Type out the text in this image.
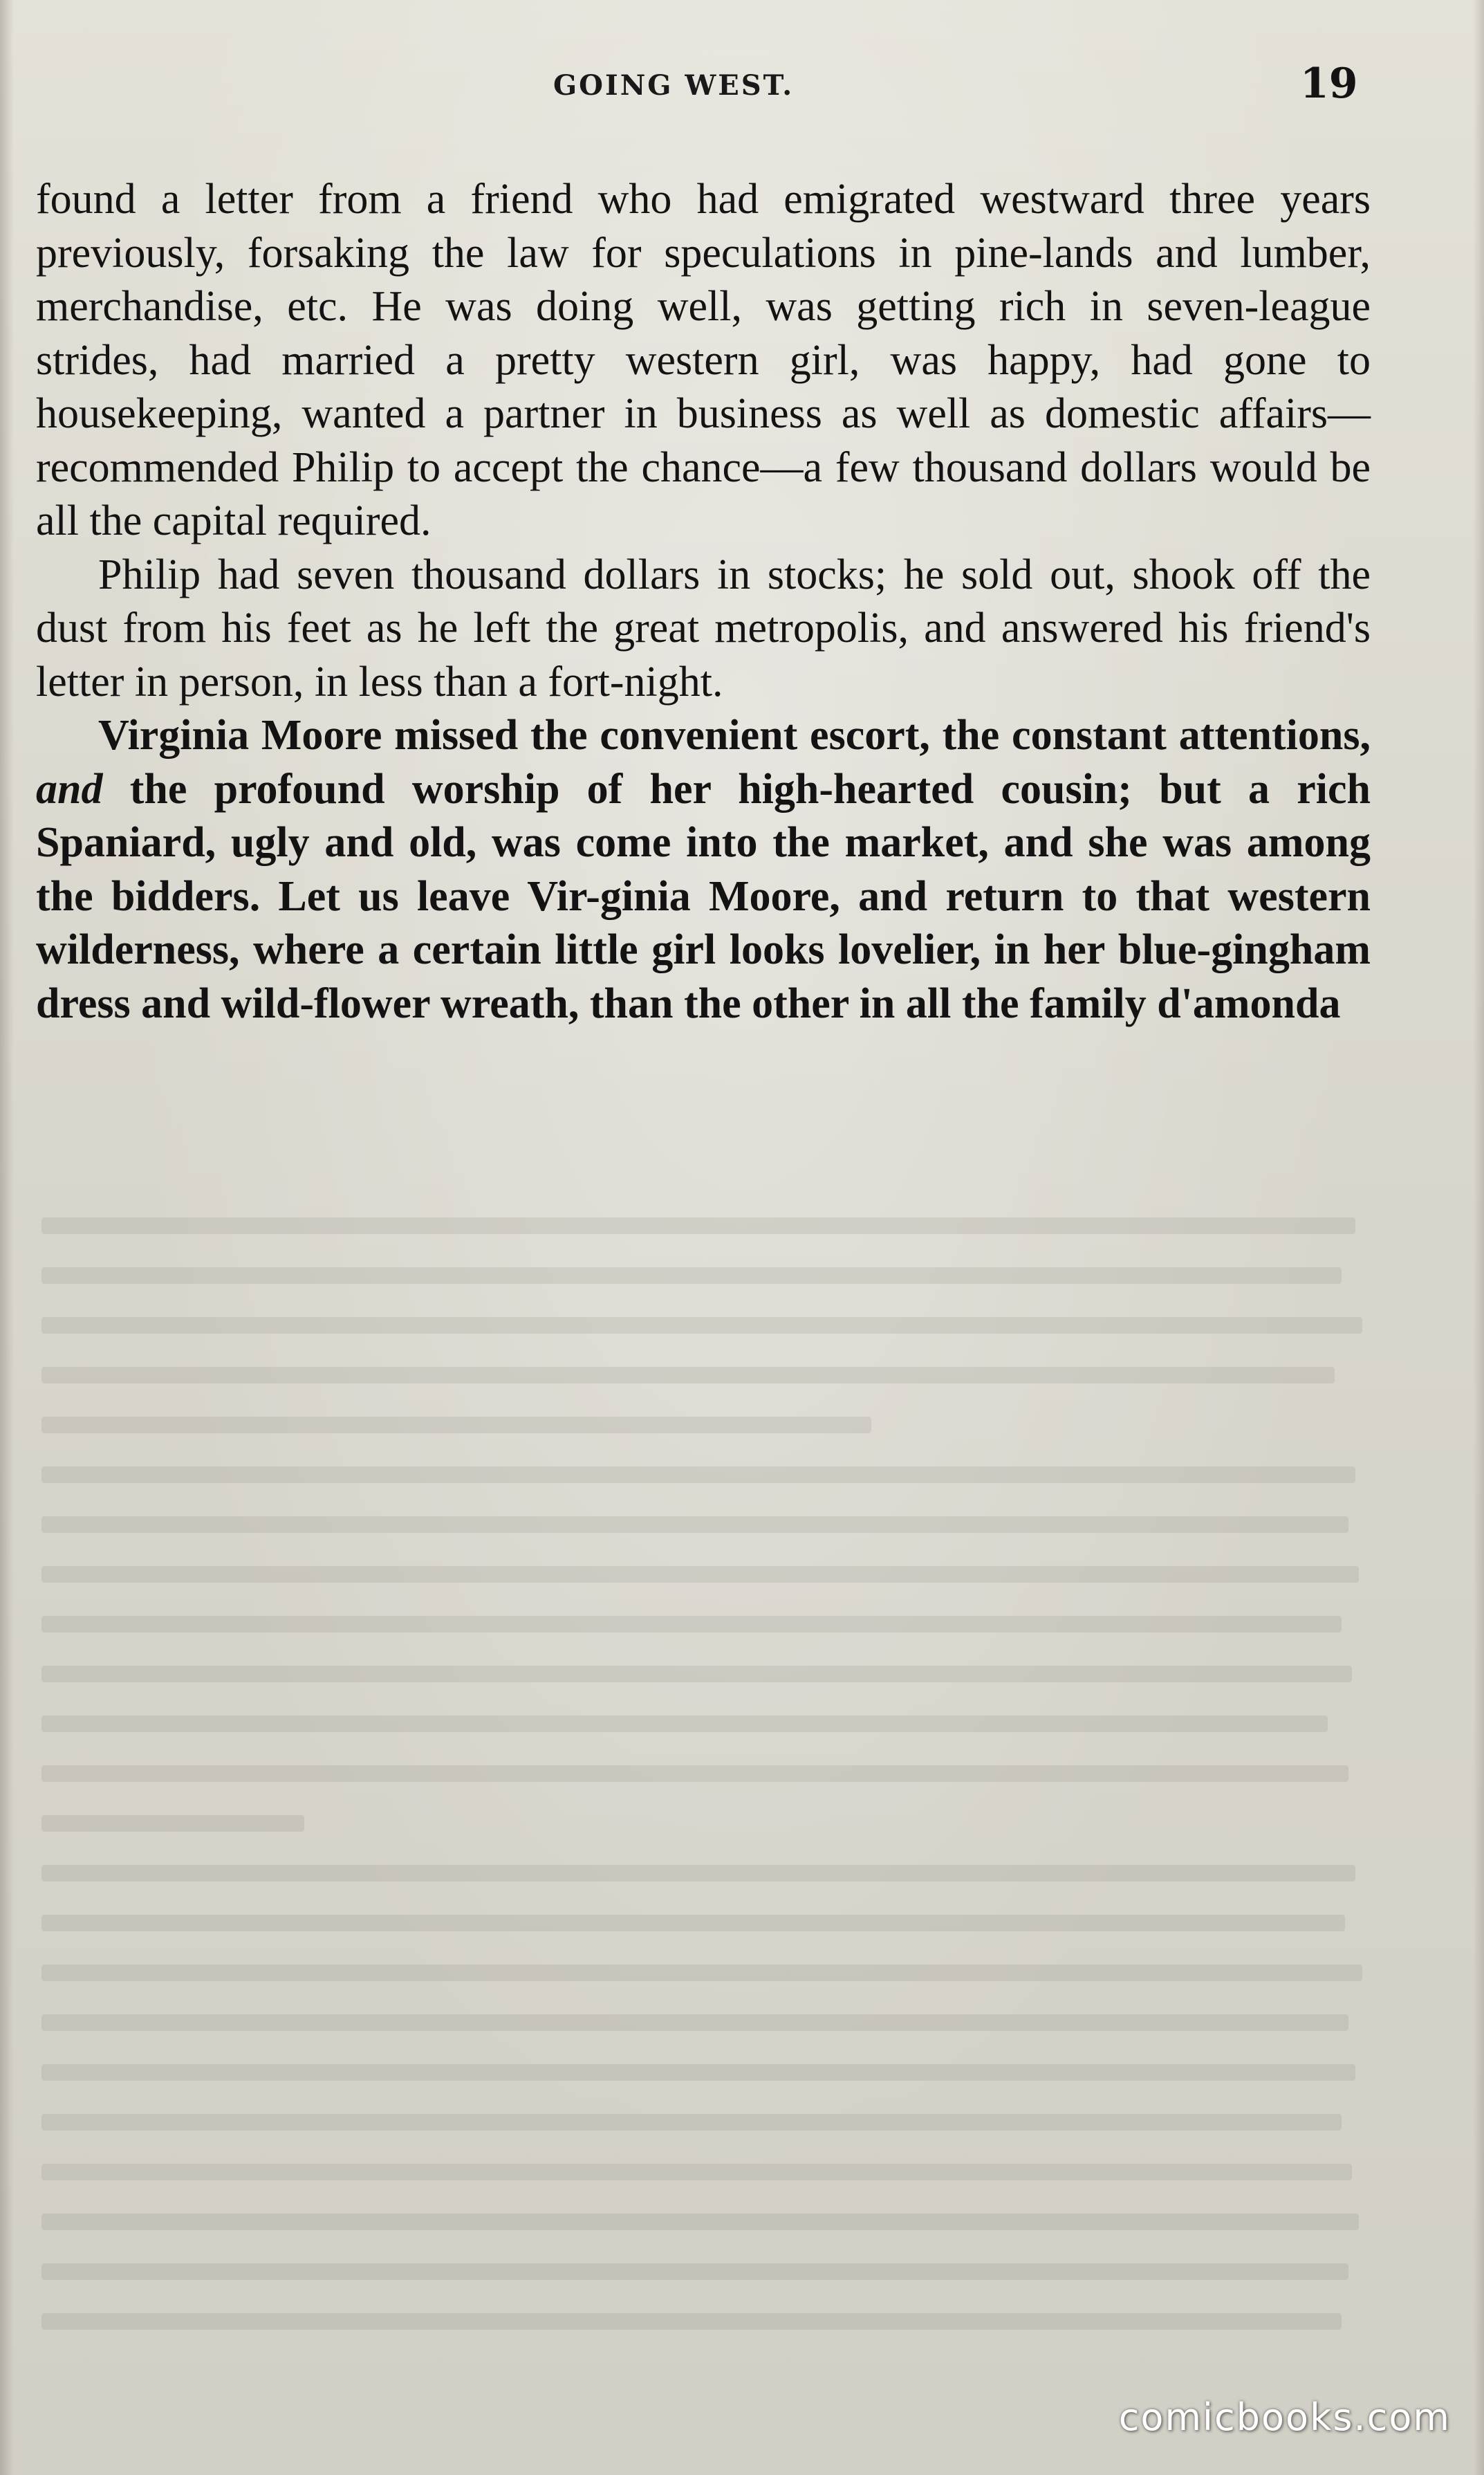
GOING WEST.	19

found a letter from a friend who had emigrated westward three years previously, forsaking the law for speculations in pine-lands and lumber, merchandise, etc. He was doing well, was getting rich in seven-league strides, had married a pretty western girl, was happy, had gone to housekeeping, wanted a partner in business as well as domestic affairs—recommended Philip to accept the chance—a few thousand dollars would be all the capital required.

Philip had seven thousand dollars in stocks; he sold out, shook off the dust from his feet as he left the great metropolis, and answered his friend's letter in person, in less than a fort-night.

Virginia Moore missed the convenient escort, the constant attentions, and the profound worship of her high-hearted cousin; but a rich Spaniard, ugly and old, was come into the market, and she was among the bidders. Let us leave Vir-ginia Moore, and return to that western wilderness, where a certain little girl looks lovelier, in her blue-gingham dress and wild-flower wreath, than the other in all the family d'amonda

comicbooks.com
